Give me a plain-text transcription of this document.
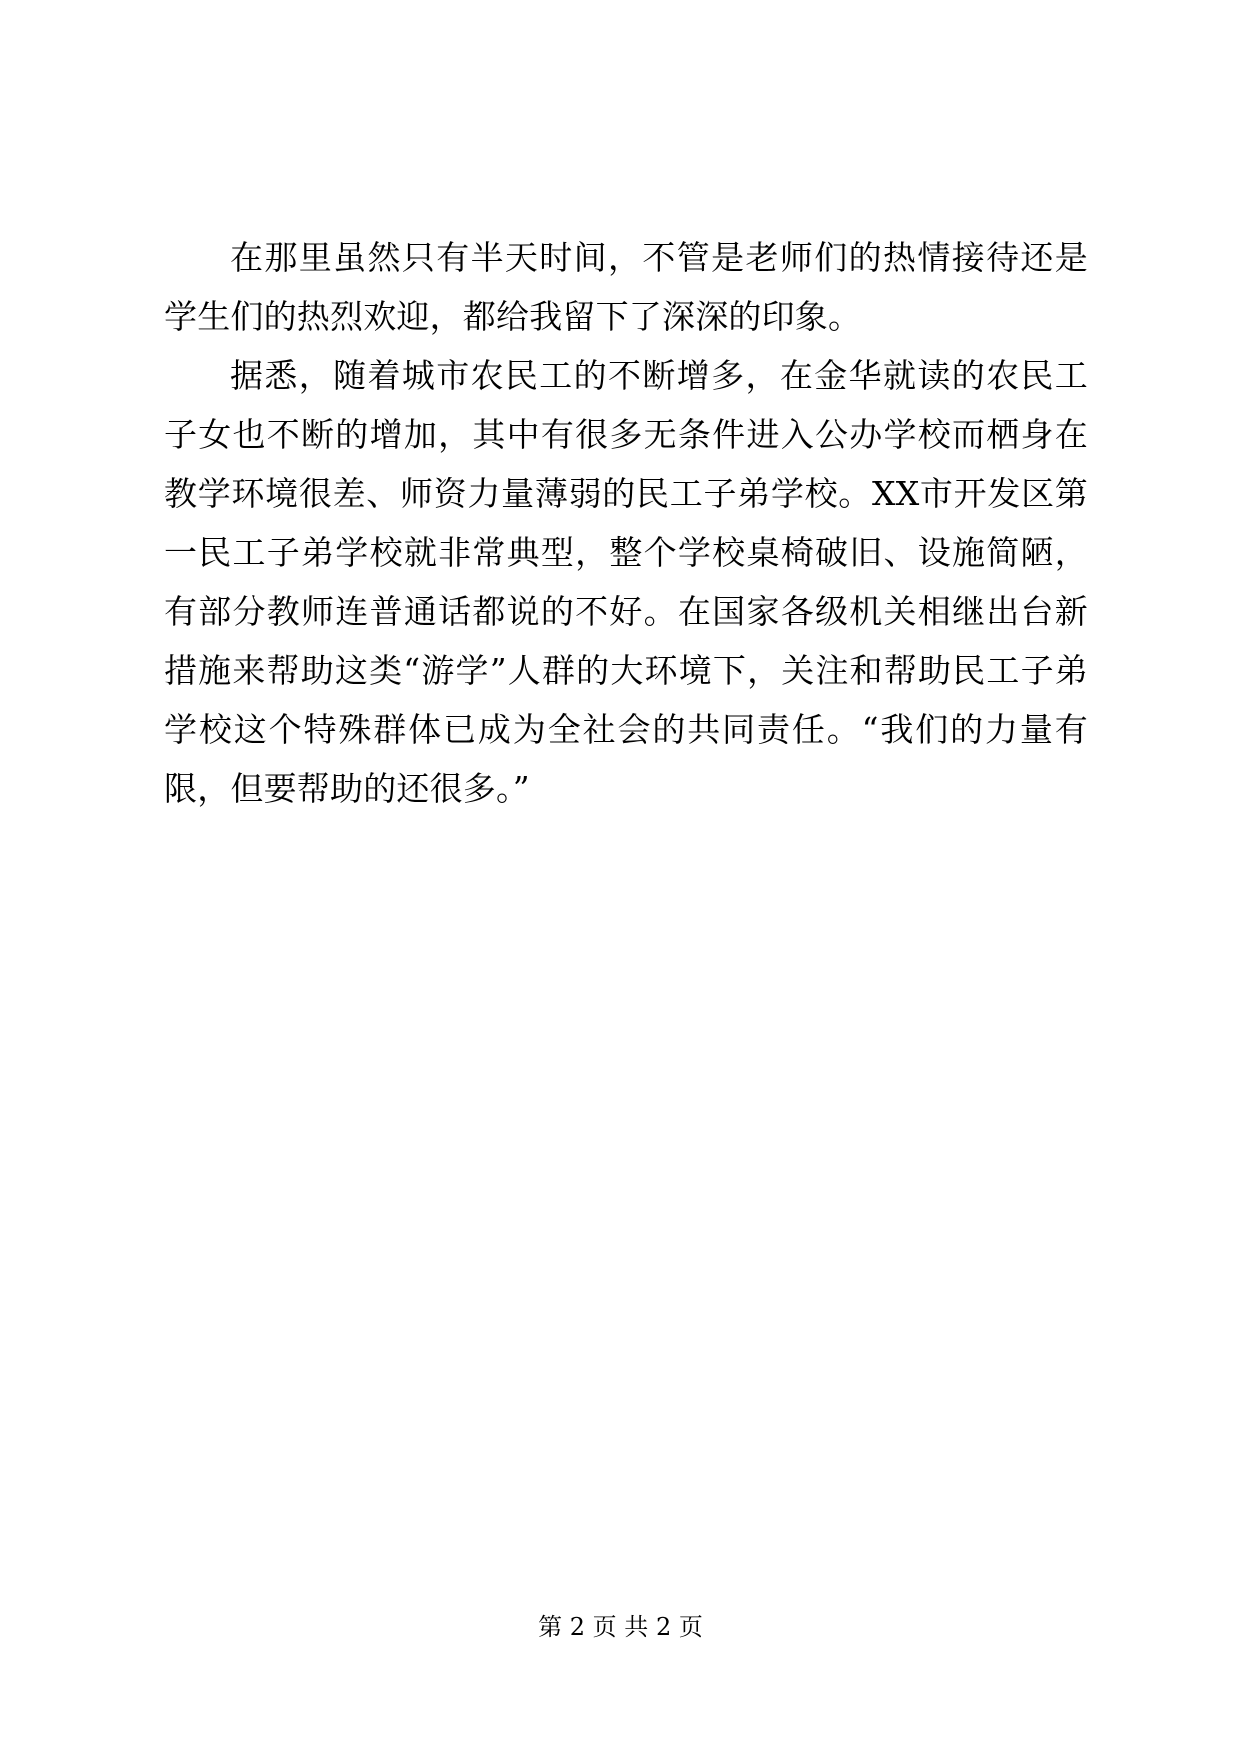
在那里虽然只有半天时间，不管是老师们的热情接待还是学生们的热烈欢迎，都给我留下了深深的印象。

据悉，随着城市农民工的不断增多，在金华就读的农民工子女也不断的增加，其中有很多无条件进入公办学校而栖身在教学环境很差、师资力量薄弱的民工子弟学校。XX市开发区第一民工子弟学校就非常典型，整个学校桌椅破旧、设施简陋，有部分教师连普通话都说的不好。在国家各级机关相继出台新措施来帮助这类“游学”人群的大环境下，关注和帮助民工子弟学校这个特殊群体已成为全社会的共同责任。“我们的力量有限，但要帮助的还很多。”

第 2 页 共 2 页
